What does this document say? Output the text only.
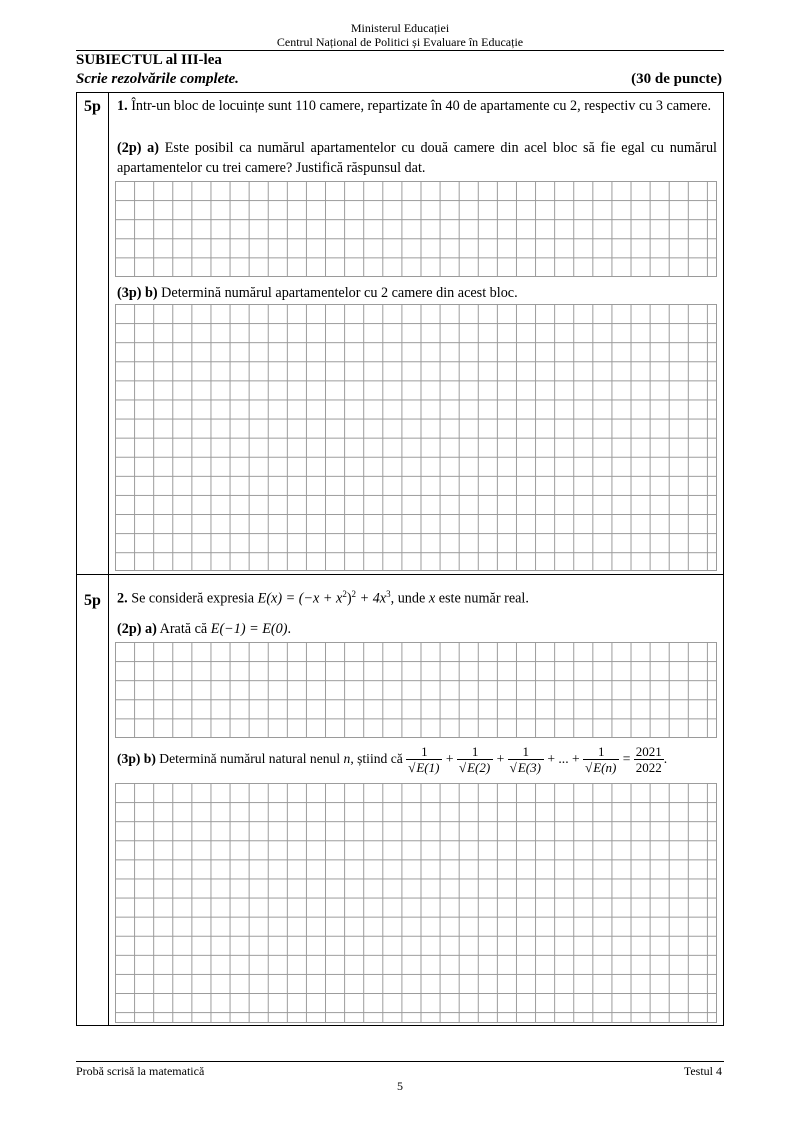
Ministerul Educației
Centrul Național de Politici și Evaluare în Educație
SUBIECTUL al III-lea
Scrie rezolvările complete.	(30 de puncte)
5p 1. Într-un bloc de locuințe sunt 110 camere, repartizate în 40 de apartamente cu 2, respectiv cu 3 camere.
(2p) a) Este posibil ca numărul apartamentelor cu două camere din acel bloc să fie egal cu numărul apartamentelor cu trei camere? Justifică răspunsul dat.
(3p) b) Determină numărul apartamentelor cu 2 camere din acest bloc.
5p 2. Se consideră expresia $E(x) = (-x + x^2)^2 + 4x^3$, unde x este număr real.
(2p) a) Arată că E(−1) = E(0).
(3p) b) Determină numărul natural nenul n, știind că $\frac{1}{√E(1)} + \frac{1}{√E(2)} + \frac{1}{√E(3)}$ + ... + $\frac{1}{√E(n)} = \frac{2021}{2022}$ .
Probă scrisă la matematică	Testul 4
5
